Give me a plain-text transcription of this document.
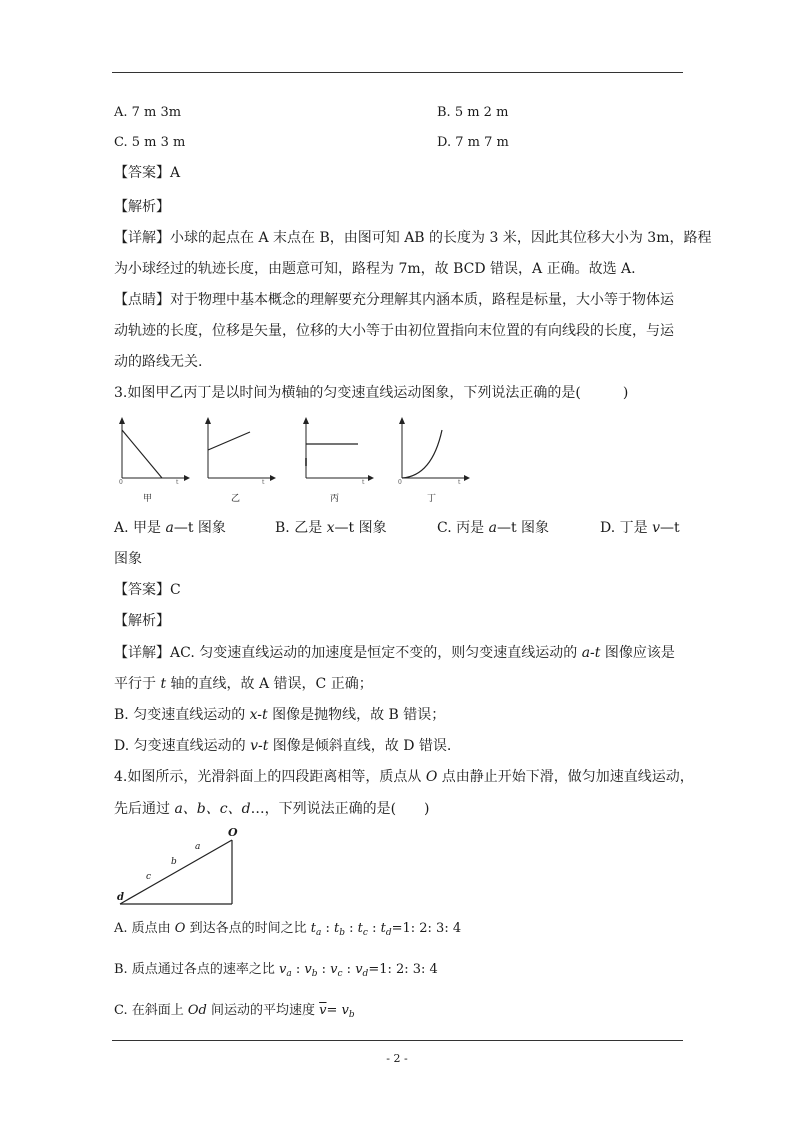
A. 7 m 3m	B. 5 m 2 m
C. 5 m 3 m	D. 7 m 7 m
【答案】A
【解析】
【详解】小球的起点在 A 末点在 B，由图可知 AB 的长度为 3 米，因此其位移大小为 3m，路程
为小球经过的轨迹长度，由题意可知，路程为 7m，故 BCD 错误，A 正确。故选 A.
【点睛】对于物理中基本概念的理解要充分理解其内涵本质，路程是标量，大小等于物体运
动轨迹的长度，位移是矢量，位移的大小等于由初位置指向末位置的有向线段的长度，与运
动的路线无关.
3.如图甲乙丙丁是以时间为横轴的匀变速直线运动图象，下列说法正确的是(　　　)
0	t
甲
t
乙
t
丙
0	t
丁
A. 甲是 a—t 图象	B. 乙是 x—t 图象	C. 丙是 a—t 图象	D. 丁是 v—t
图象
【答案】C
【解析】
【详解】AC. 匀变速直线运动的加速度是恒定不变的，则匀变速直线运动的 a-t 图像应该是
平行于 t 轴的直线，故 A 错误，C 正确；
B. 匀变速直线运动的 x-t 图像是抛物线，故 B 错误；
D. 匀变速直线运动的 v-t 图像是倾斜直线，故 D 错误.
4.如图所示，光滑斜面上的四段距离相等，质点从 O 点由静止开始下滑，做匀加速直线运动，
先后通过 a、b、c、d…，下列说法正确的是(　　)
O
a
b
c
d
A. 质点由 O 到达各点的时间之比 $t_a$ : $t_b$ : $t_c$ : $t_d=1$: 2: 3: 4
B. 质点通过各点的速率之比 $v_a$ : $v_b$ : $v_c$ : $v_d=1$: 2: 3: 4
C. 在斜面上 Od 间运动的平均速度 $\overline{v}= v_b$
- 2 -
